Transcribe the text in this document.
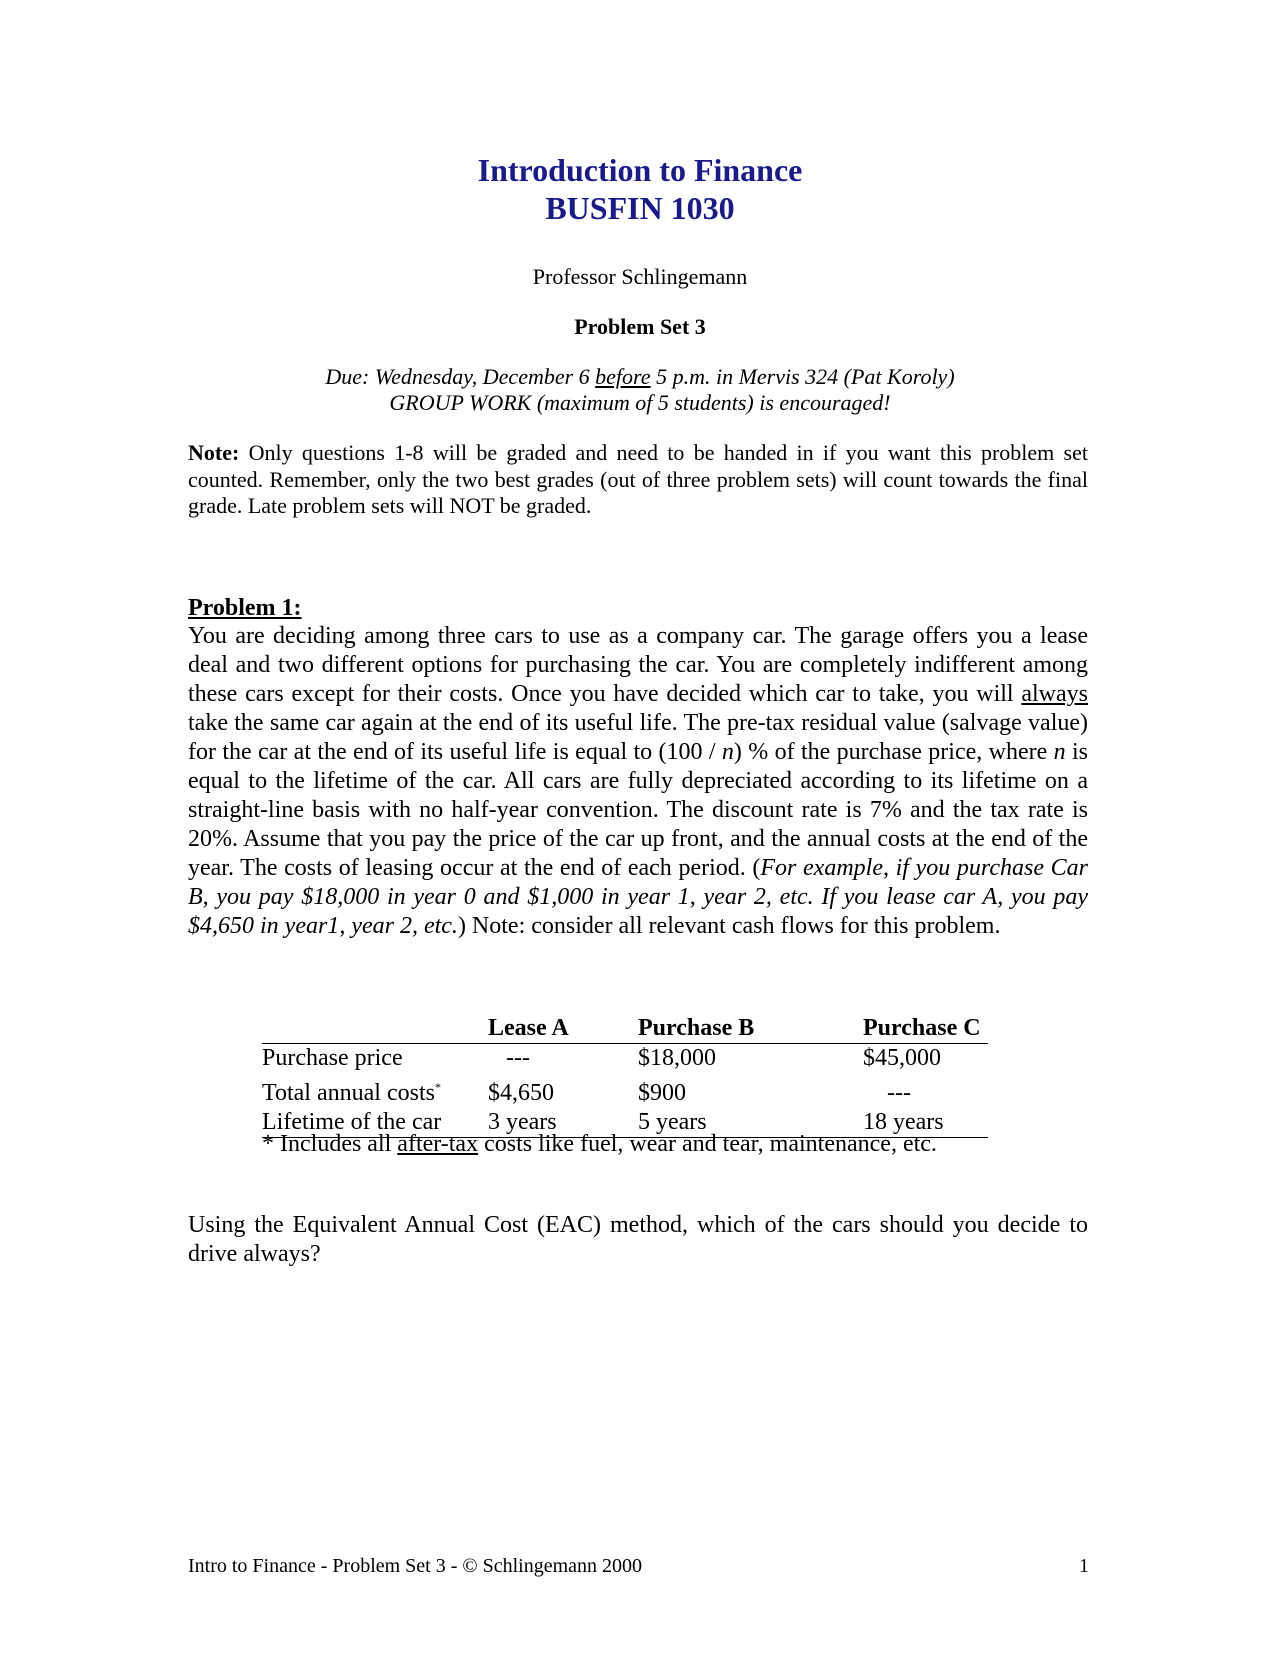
Introduction to Finance
BUSFIN 1030
Professor Schlingemann
Problem Set 3
Due: Wednesday, December 6 before 5 p.m. in Mervis 324 (Pat Koroly)
GROUP WORK (maximum of 5 students) is encouraged!
Note: Only questions 1-8 will be graded and need to be handed in if you want this problem set counted. Remember, only the two best grades (out of three problem sets) will count towards the final grade. Late problem sets will NOT be graded.
Problem 1:
You are deciding among three cars to use as a company car. The garage offers you a lease deal and two different options for purchasing the car. You are completely indifferent among these cars except for their costs. Once you have decided which car to take, you will always take the same car again at the end of its useful life. The pre-tax residual value (salvage value) for the car at the end of its useful life is equal to (100 / n) % of the purchase price, where n is equal to the lifetime of the car. All cars are fully depreciated according to its lifetime on a straight-line basis with no half-year convention. The discount rate is 7% and the tax rate is 20%. Assume that you pay the price of the car up front, and the annual costs at the end of the year. The costs of leasing occur at the end of each period. (For example, if you purchase Car B, you pay $18,000 in year 0 and $1,000 in year 1, year 2, etc. If you lease car A, you pay $4,650 in year1, year 2, etc.) Note: consider all relevant cash flows for this problem.
	Lease A	Purchase B	Purchase C
Purchase price	---	$18,000	$45,000
Total annual costs*	$4,650	$900	---
Lifetime of the car	3 years	5 years	18 years
* Includes all after-tax costs like fuel, wear and tear, maintenance, etc.
Using the Equivalent Annual Cost (EAC) method, which of the cars should you decide to drive always?
Intro to Finance - Problem Set 3 - © Schlingemann 2000	1
